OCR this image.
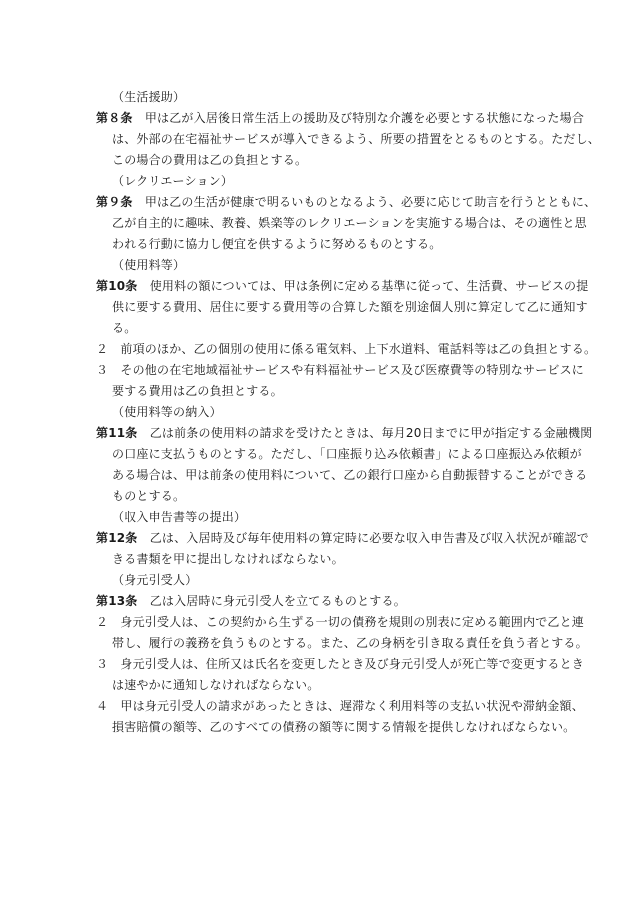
（生活援助）
第８条　 甲は乙が入居後日常生活上の援助及び特別な介護を必要とする状態になった場合
は、外部の在宅福祉サービスが導入できるよう、所要の措置をとるものとする。ただし、
この場合の費用は乙の負担とする。
（レクリエーション）
第９条　 甲は乙の生活が健康で明るいものとなるよう、必要に応じて助言を行うとともに、
乙が自主的に趣味、教養、娯楽等のレクリエーションを実施する場合は、その適性と思
われる行動に協力し便宜を供するように努めるものとする。
（使用料等）
第10条　 使用料の額については、甲は条例に定める基準に従って、生活費、サービスの提
供に要する費用、居住に要する費用等の合算した額を別途個人別に算定して乙に通知す
る。
２　 前項のほか、乙の個別の使用に係る電気料、上下水道料、電話料等は乙の負担とする。
３　 その他の在宅地域福祉サービスや有料福祉サービス及び医療費等の特別なサービスに
要する費用は乙の負担とする。
（使用料等の納入）
第11条　 乙は前条の使用料の請求を受けたときは、毎月20日までに甲が指定する金融機関
の口座に支払うものとする。ただし、「口座振り込み依頼書」による口座振込み依頼が
ある場合は、甲は前条の使用料について、乙の銀行口座から自動振替することができる
ものとする。
（収入申告書等の提出）
第12条　 乙は、入居時及び毎年使用料の算定時に必要な収入申告書及び収入状況が確認で
きる書類を甲に提出しなければならない。
（身元引受人）
第13条　 乙は入居時に身元引受人を立てるものとする。
２　 身元引受人は、この契約から生ずる一切の債務を規則の別表に定める範囲内で乙と連
帯し、履行の義務を負うものとする。また、乙の身柄を引き取る責任を負う者とする。
３　 身元引受人は、住所又は氏名を変更したとき及び身元引受人が死亡等で変更するとき
は速やかに通知しなければならない。
４　 甲は身元引受人の請求があったときは、遅滞なく利用料等の支払い状況や滞納金額、
損害賠償の額等、乙のすべての債務の額等に関する情報を提供しなければならない。
